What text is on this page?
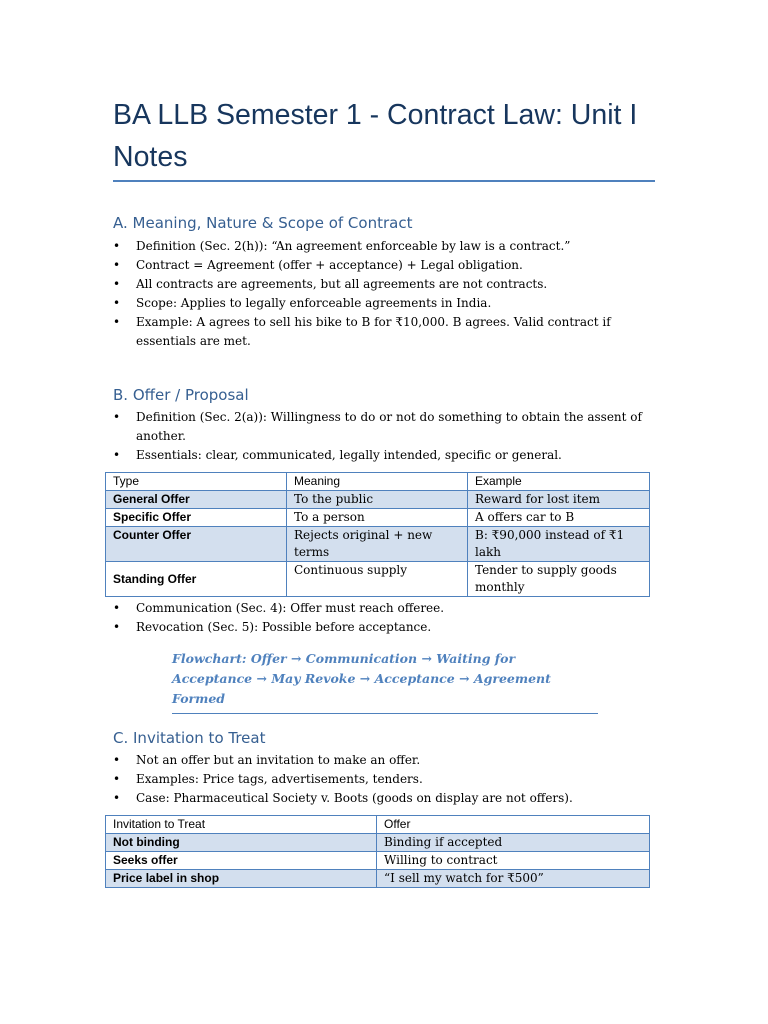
BA LLB Semester 1 - Contract Law: Unit I Notes
A. Meaning, Nature & Scope of Contract
• Definition (Sec. 2(h)): “An agreement enforceable by law is a contract.”
• Contract = Agreement (offer + acceptance) + Legal obligation.
• All contracts are agreements, but all agreements are not contracts.
• Scope: Applies to legally enforceable agreements in India.
• Example: A agrees to sell his bike to B for ₹10,000. B agrees. Valid contract if essentials are met.
B. Offer / Proposal
• Definition (Sec. 2(a)): Willingness to do or not do something to obtain the assent of another.
• Essentials: clear, communicated, legally intended, specific or general.
Type	Meaning	Example
General Offer	To the public	Reward for lost item
Specific Offer	To a person	A offers car to B
Counter Offer	Rejects original + new terms	B: ₹90,000 instead of ₹1 lakh
Standing Offer	Continuous supply	Tender to supply goods monthly
• Communication (Sec. 4): Offer must reach offeree.
• Revocation (Sec. 5): Possible before acceptance.
Flowchart: Offer → Communication → Waiting for Acceptance → May Revoke → Acceptance → Agreement Formed
C. Invitation to Treat
• Not an offer but an invitation to make an offer.
• Examples: Price tags, advertisements, tenders.
• Case: Pharmaceutical Society v. Boots (goods on display are not offers).
Invitation to Treat	Offer
Not binding	Binding if accepted
Seeks offer	Willing to contract
Price label in shop	“I sell my watch for ₹500”
